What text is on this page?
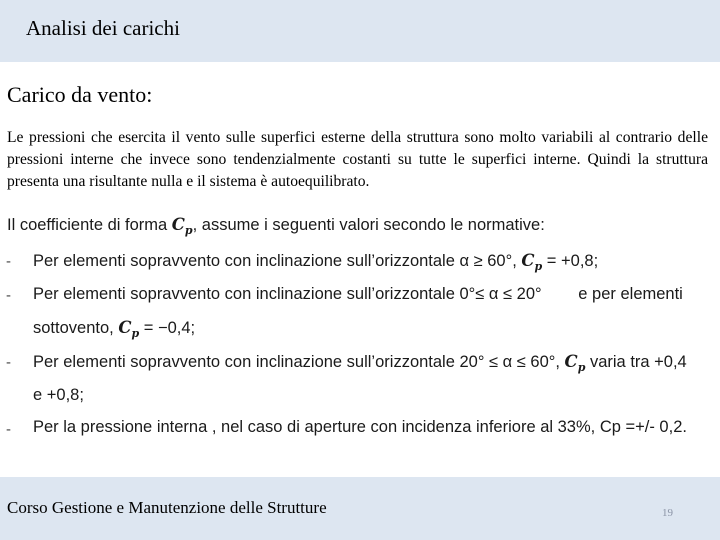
Analisi dei carichi
Carico da vento:
Le pressioni che esercita il vento sulle superfici esterne della struttura sono molto variabili al contrario delle pressioni interne che invece sono tendenzialmente costanti su tutte le superfici interne. Quindi la struttura presenta una risultante nulla e il sistema è autoequilibrato.
Il coefficiente di forma $C_p$, assume i seguenti valori secondo le normative:
- Per elementi sopravvento con inclinazione sull’orizzontale α ≥ 60°, $C_p = +0,8$;
- Per elementi sopravvento con inclinazione sull’orizzontale 0°≤ α ≤ 20°        e per elementi
sottovento, $C_p = -0,4$;
- Per elementi sopravvento con inclinazione sull’orizzontale 20° ≤ α ≤ 60°, $C_p$ varia tra +0,4
e +0,8;
- Per la pressione interna , nel caso di aperture con incidenza inferiore al 33%, Cp =+/- 0,2.
Corso Gestione e Manutenzione delle Strutture	19
